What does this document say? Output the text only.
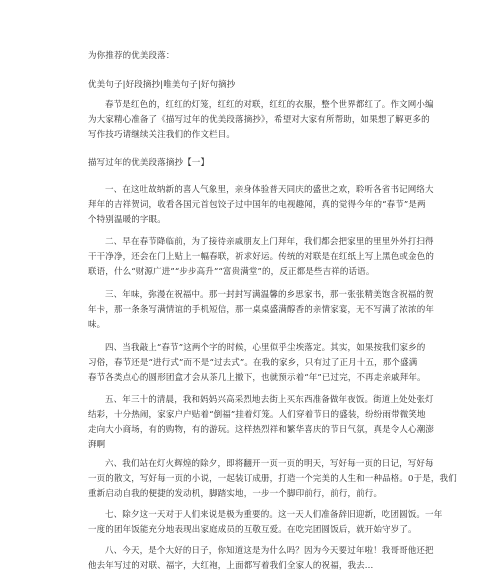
为你推荐的优美段落：
优美句子|好段摘抄|唯美句子|好句摘抄
春节是红色的，红红的灯笼，红红的对联，红红的衣服，整个世界都红了。作文网小编
为大家精心准备了《描写过年的优美段落摘抄》，希望对大家有所帮助，如果想了解更多的
写作技巧请继续关注我们的作文栏目。
描写过年的优美段落摘抄【一】
一、在这吐故纳新的喜人气象里，亲身体验普天同庆的盛世之欢，聆听各省书记网络大
拜年的吉祥贺词，收看各国元首包饺子过中国年的电视趣闻，真的觉得今年的“春节”是两
个特别温暖的字眼。
二、早在春节降临前，为了接待亲戚朋友上门拜年，我们都会把家里的里里外外打扫得
干干净净，还会在门上贴上一幅春联，祈求好运。传统的对联是在红纸上写上黑色或金色的
联语，什么“财源广进”“步步高升”“富贵满堂”的，反正都是些吉祥的话语。
三、年味，弥漫在祝福中。那一封封写满温馨的乡思家书，那一张张精美饱含祝福的贺
年卡，那一条条写满情谊的手机短信，那一桌桌盛满醇香的亲情家宴，无不写满了浓浓的年
味。
四、当我敲上“春节”这两个字的时候，心里似乎尘埃落定。其实，如果按我们家乡的
习俗，春节还是“进行式”而不是“过去式”。在我的家乡，只有过了正月十五，那个盛满
春节各类点心的圆形团盒才会从茶几上撤下，也就预示着“年”已过完，不再走亲戚拜年。
五、年三十的清晨，我和妈妈兴高采烈地去街上买东西准备做年夜饭。街道上处处张灯
结彩，十分热闹，家家户户贴着“倒福”挂着灯笼。人们穿着节日的盛装，纷纷雨带微笑地
走向大小商场，有的购物，有的游玩。这样热烈祥和繁华喜庆的节日气氛，真是令人心潮澎
湃啊
六、我们站在灯火辉煌的除夕，即将翻开一页一页的明天，写好每一页的日记，写好每
一页的散文，写好每一页的小说，一起装订成册，打造一个完美的人生和一种品格。0于是，我们
重新启动自我的便捷的发动机，脚踏实地，一步一个脚印前行，前行，前行。
七、除夕这一天对于人们来说是极为重要的。这一天人们准备辞旧迎新，吃团圆饭。一年
一度的团年饭能充分地表现出家庭成员的互敬互爱。在吃完团圆饭后，就开始守岁了。
八、今天，是个大好的日子，你知道这是为什么吗？因为今天要过年啦！我哥哥他还把
他去年写过的对联、福字，大红袍，上面都写着我们全家人的祝福，我去...
